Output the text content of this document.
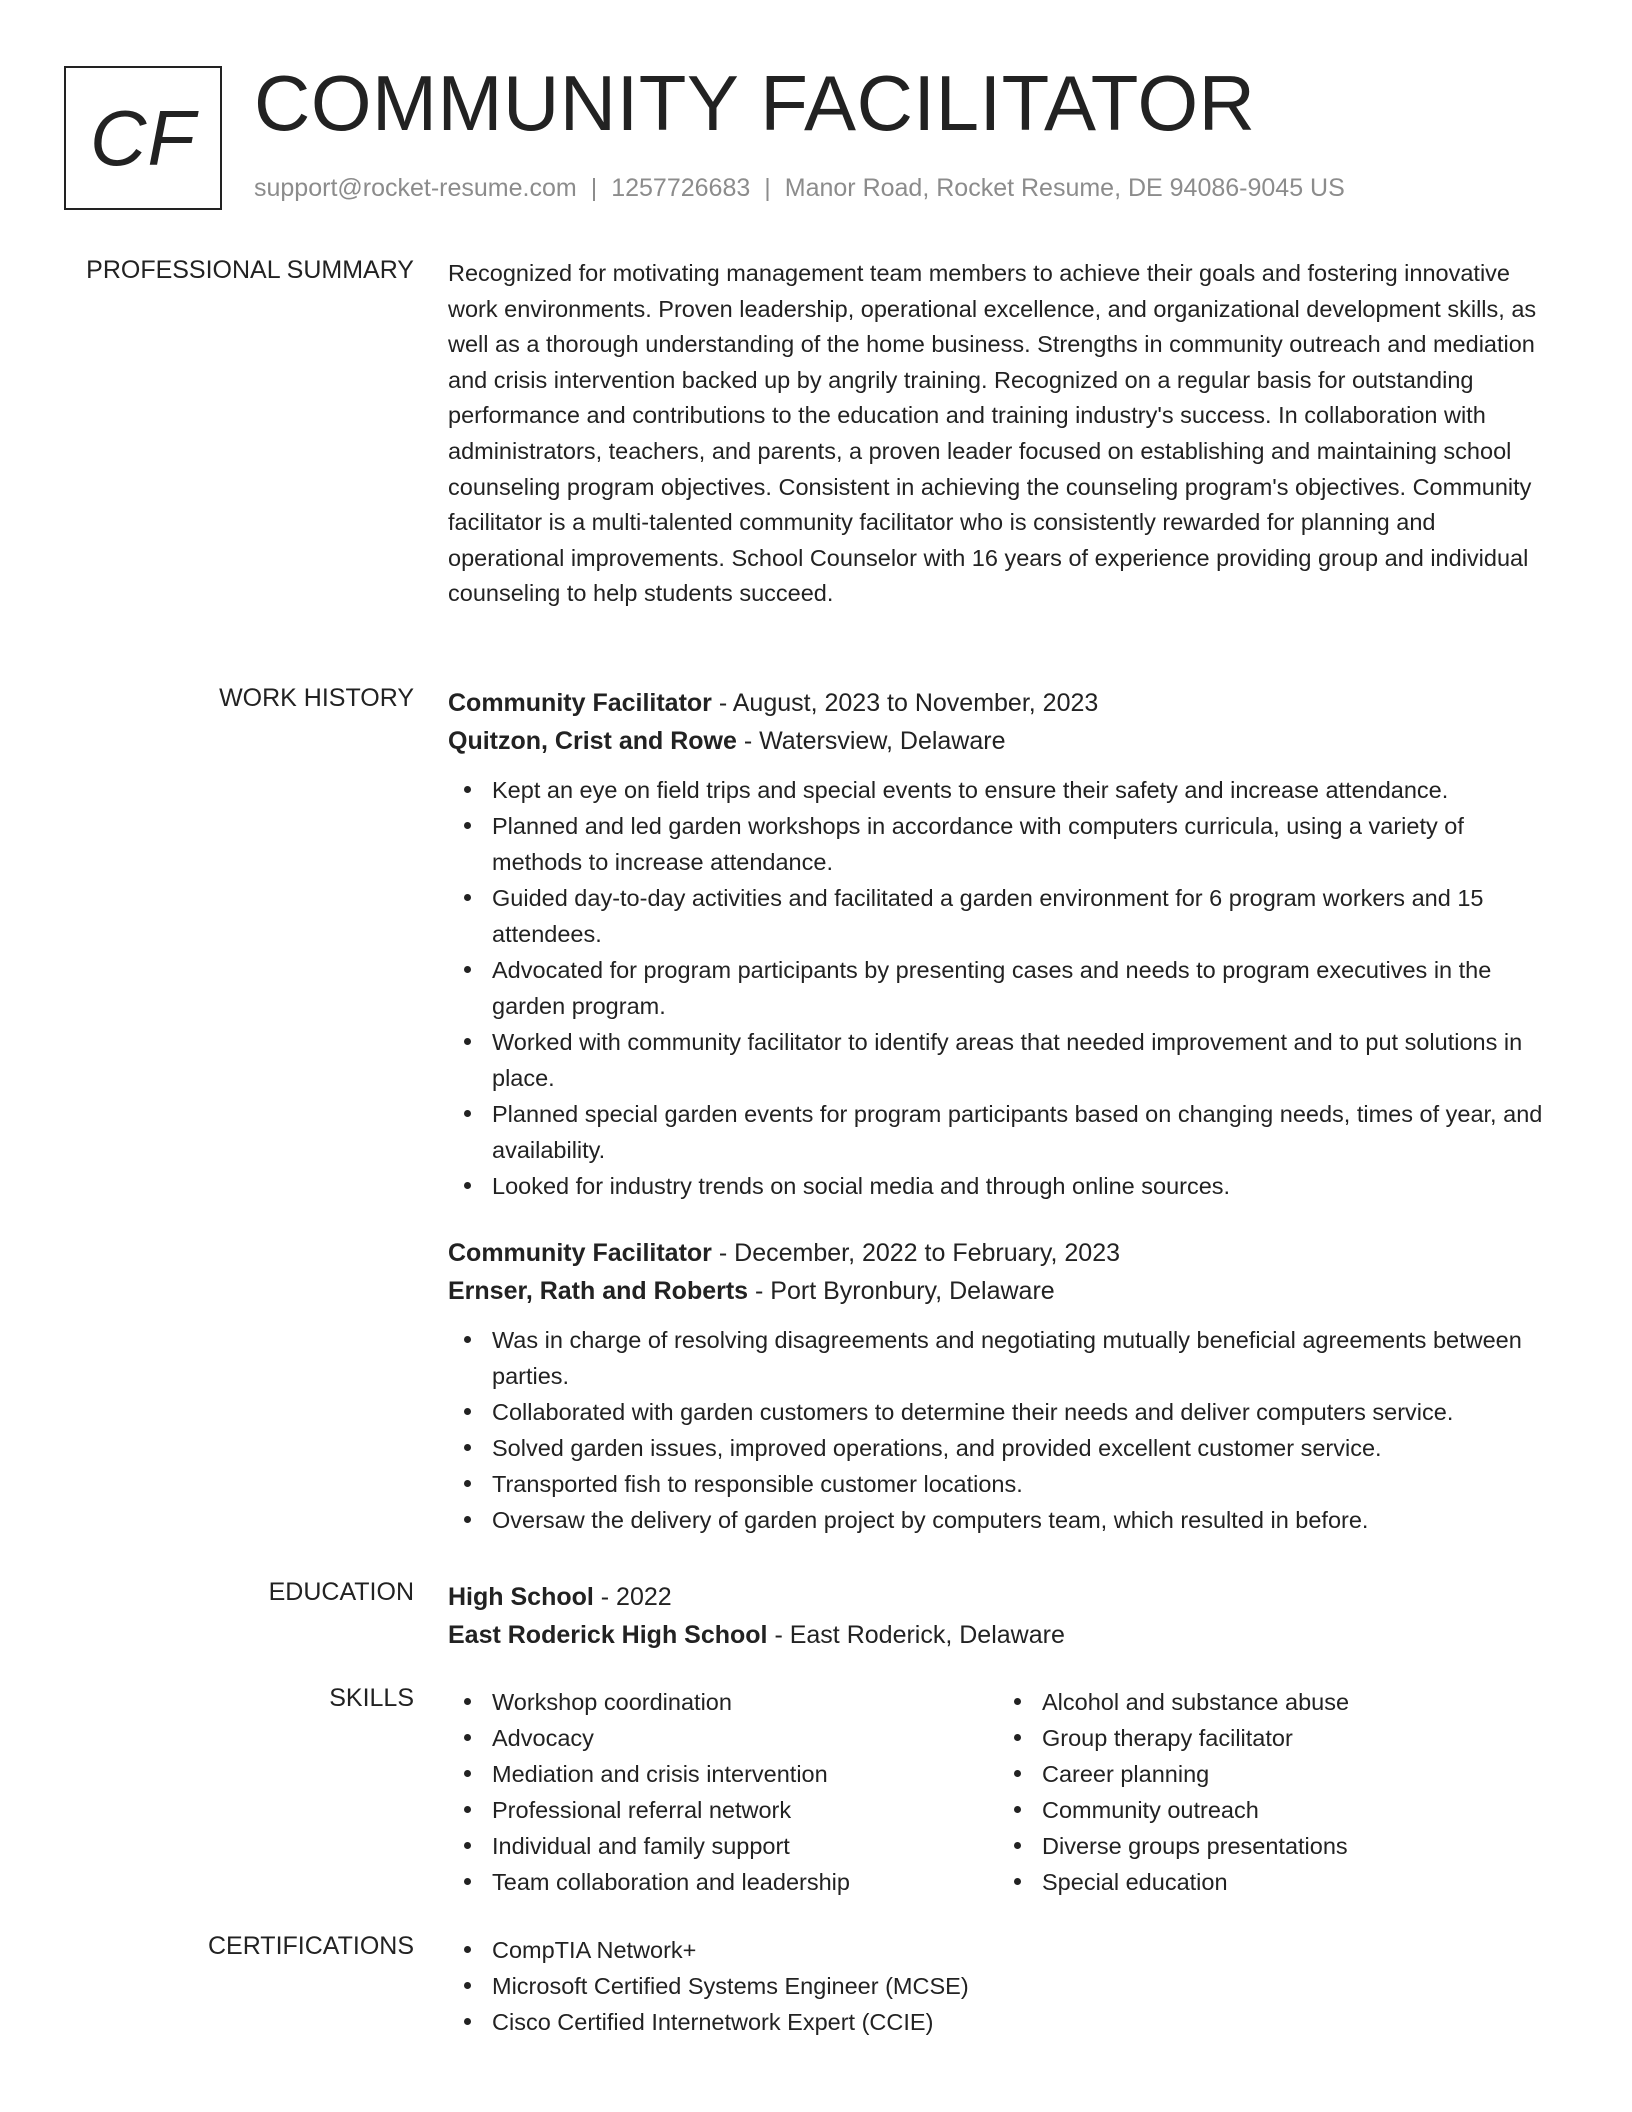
CF COMMUNITY FACILITATOR
support@rocket-resume.com | 1257726683 | Manor Road, Rocket Resume, DE 94086-9045 US
PROFESSIONAL SUMMARY Recognized for motivating management team members to achieve their goals and fostering innovative work environments. Proven leadership, operational excellence, and organizational development skills, as well as a thorough understanding of the home business. Strengths in community outreach and mediation and crisis intervention backed up by angrily training. Recognized on a regular basis for outstanding performance and contributions to the education and training industry's success. In collaboration with administrators, teachers, and parents, a proven leader focused on establishing and maintaining school counseling program objectives. Consistent in achieving the counseling program's objectives. Community facilitator is a multi-talented community facilitator who is consistently rewarded for planning and operational improvements. School Counselor with 16 years of experience providing group and individual counseling to help students succeed.

WORK HISTORY Community Facilitator - August, 2023 to November, 2023
Quitzon, Crist and Rowe - Watersview, Delaware
Kept an eye on field trips and special events to ensure their safety and increase attendance.
Planned and led garden workshops in accordance with computers curricula, using a variety of methods to increase attendance.
Guided day-to-day activities and facilitated a garden environment for 6 program workers and 15 attendees.
Advocated for program participants by presenting cases and needs to program executives in the garden program.
Worked with community facilitator to identify areas that needed improvement and to put solutions in place.
Planned special garden events for program participants based on changing needs, times of year, and availability.
Looked for industry trends on social media and through online sources.
Community Facilitator - December, 2022 to February, 2023
Ernser, Rath and Roberts - Port Byronbury, Delaware
Was in charge of resolving disagreements and negotiating mutually beneficial agreements between parties.
Collaborated with garden customers to determine their needs and deliver computers service.
Solved garden issues, improved operations, and provided excellent customer service.
Transported fish to responsible customer locations.
Oversaw the delivery of garden project by computers team, which resulted in before.
EDUCATION High School - 2022
East Roderick High School - East Roderick, Delaware
SKILLS	Workshop coordination
Advocacy
Mediation and crisis intervention
Professional referral network
Individual and family support
Team collaboration and leadership
Alcohol and substance abuse
Group therapy facilitator
Career planning
Community outreach
Diverse groups presentations
Special education
CERTIFICATIONS	CompTIA Network+
Microsoft Certified Systems Engineer (MCSE)
Cisco Certified Internetwork Expert (CCIE)
